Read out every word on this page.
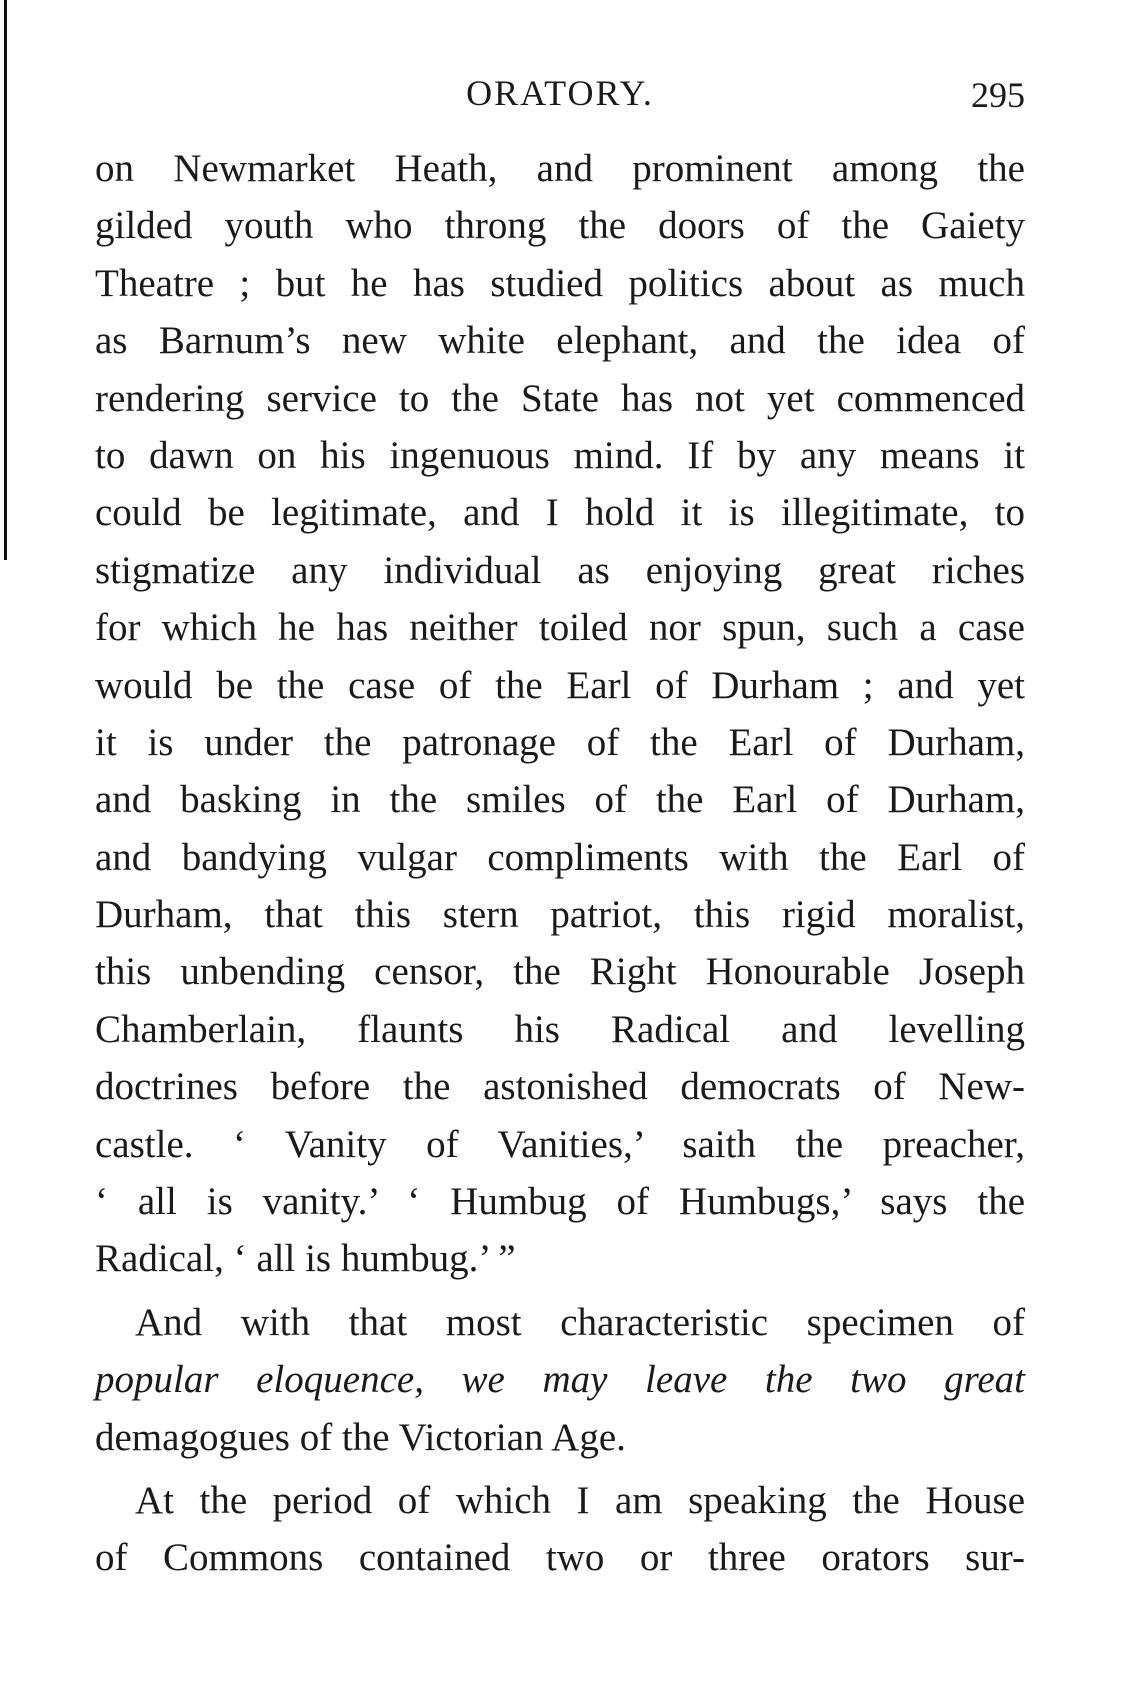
ORATORY.	295
on Newmarket Heath, and prominent among the
gilded youth who throng the doors of the Gaiety
Theatre ; but he has studied politics about as much
as Barnum’s new white elephant, and the idea of
rendering service to the State has not yet commenced
to dawn on his ingenuous mind. If by any means it
could be legitimate, and I hold it is illegitimate, to
stigmatize any individual as enjoying great riches
for which he has neither toiled nor spun, such a case
would be the case of the Earl of Durham ; and yet
it is under the patronage of the Earl of Durham,
and basking in the smiles of the Earl of Durham,
and bandying vulgar compliments with the Earl of
Durham, that this stern patriot, this rigid moralist,
this unbending censor, the Right Honourable Joseph
Chamberlain, flaunts his Radical and levelling
doctrines before the astonished democrats of New-
castle. ‘ Vanity of Vanities,’ saith the preacher,
‘ all is vanity.’ ‘ Humbug of Humbugs,’ says the
Radical, ‘ all is humbug.’ ”
And with that most characteristic specimen of
popular eloquence, we may leave the two great
demagogues of the Victorian Age.
At the period of which I am speaking the House
of Commons contained two or three orators sur-
